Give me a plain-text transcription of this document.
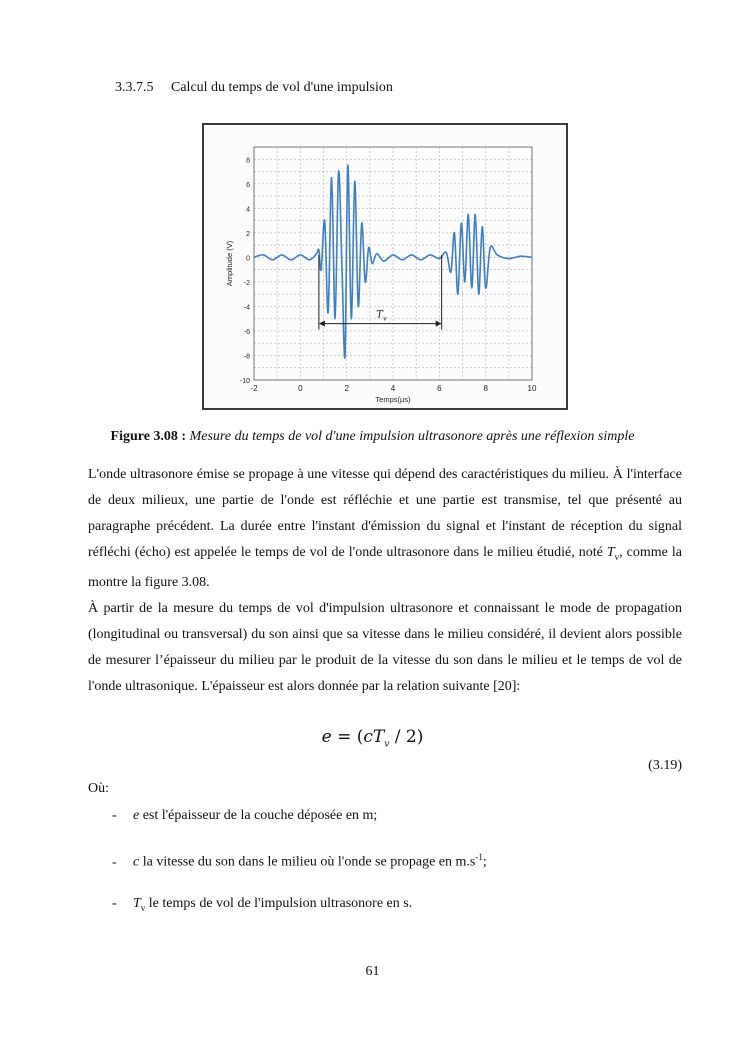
3.3.7.5 Calcul du temps de vol d'une impulsion
-2	0	2	4	6	8	10
8
6
4
2
0
-2
-4
-6
-8
-10
Temps(µs)
Amplitude (V)
T v
Figure 3.08 : Mesure du temps de vol d'une impulsion ultrasonore après une réflexion simple

L'onde ultrasonore émise se propage à une vitesse qui dépend des caractéristiques du milieu. À l'interface de deux milieux, une partie de l'onde est réfléchie et une partie est transmise, tel que présenté au paragraphe précédent. La durée entre l'instant d'émission du signal et l'instant de réception du signal réfléchi (écho) est appelée le temps de vol de l'onde ultrasonore dans le milieu étudié, noté $T_v$, comme la montre la figure 3.08.

À partir de la mesure du temps de vol d'impulsion ultrasonore et connaissant le mode de propagation (longitudinal ou transversal) du son ainsi que sa vitesse dans le milieu considéré, il devient alors possible de mesurer l’épaisseur du milieu par le produit de la vitesse du son dans le milieu et le temps de vol de l'onde ultrasonique. L'épaisseur est alors donnée par la relation suivante [20]:

$e = (cT_v / 2)$
(3.19)
Où:
- e est l'épaisseur de la couche déposée en m;
- c la vitesse du son dans le milieu où l'onde se propage en $m.s^{-1}$;
- $T_v$ le temps de vol de l'impulsion ultrasonore en s.
61
